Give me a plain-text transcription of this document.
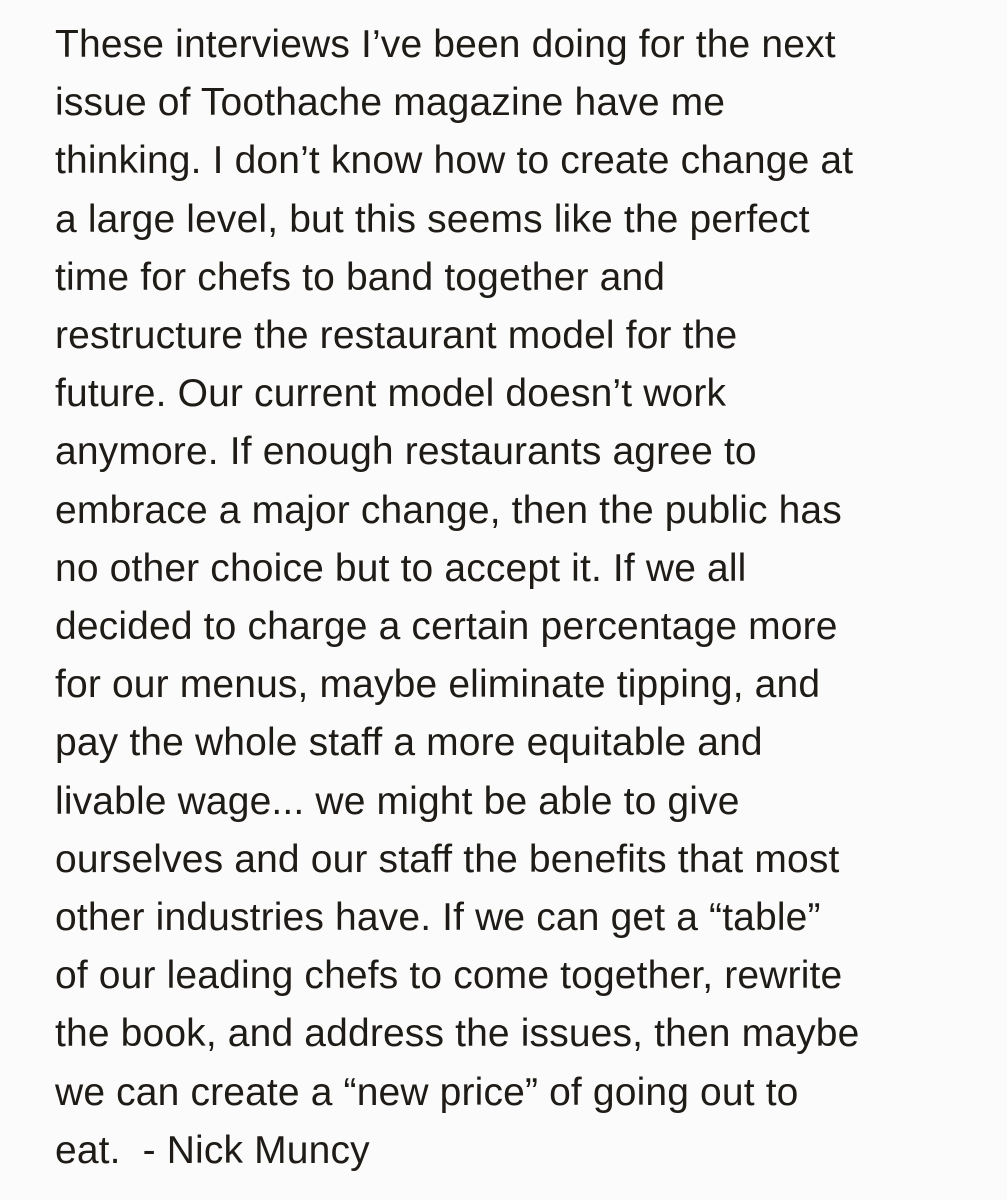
These interviews I’ve been doing for the next
issue of Toothache magazine have me
thinking. I don’t know how to create change at
a large level, but this seems like the perfect
time for chefs to band together and
restructure the restaurant model for the
future. Our current model doesn’t work
anymore. If enough restaurants agree to
embrace a major change, then the public has
no other choice but to accept it. If we all
decided to charge a certain percentage more
for our menus, maybe eliminate tipping, and
pay the whole staff a more equitable and
livable wage... we might be able to give
ourselves and our staff the benefits that most
other industries have. If we can get a “table”
of our leading chefs to come together, rewrite
the book, and address the issues, then maybe
we can create a “new price” of going out to
eat.  - Nick Muncy
